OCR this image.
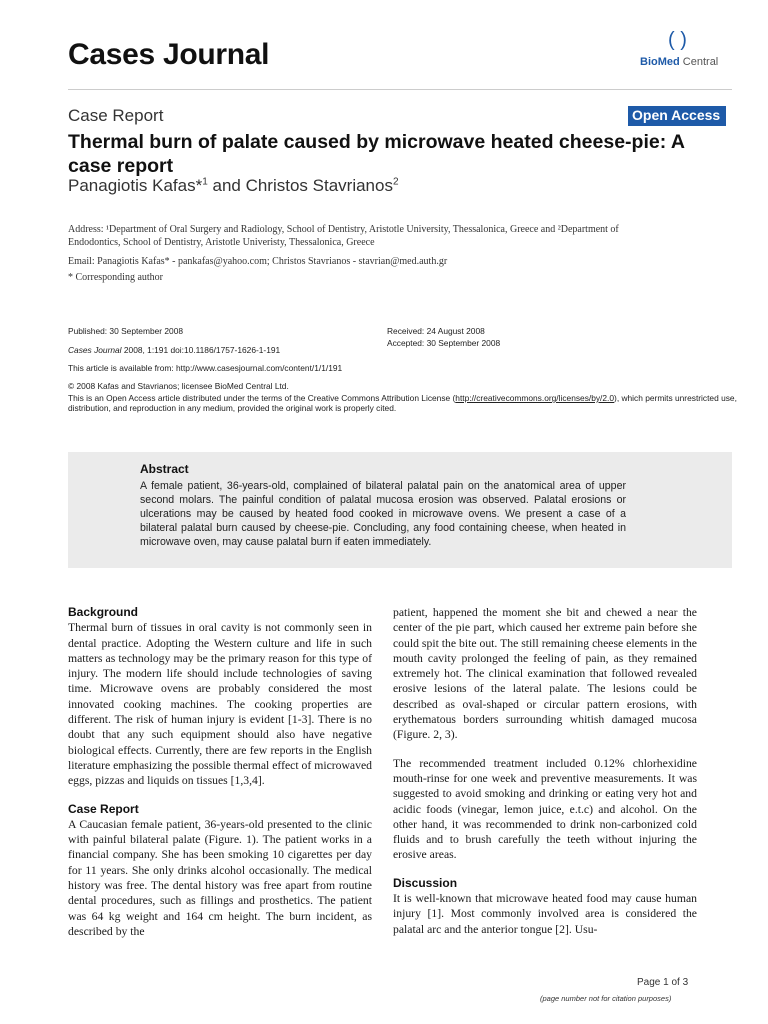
Cases Journal	( )
BioMed Central
Case Report	Open Access
Thermal burn of palate caused by microwave heated cheese-pie: A case report
Panagiotis Kafas*$^1$ and Christos Stavrianos$^2$
Address: ¹Department of Oral Surgery and Radiology, School of Dentistry, Aristotle University, Thessalonica, Greece and ²Department of Endodontics, School of Dentistry, Aristotle Univeristy, Thessalonica, Greece
Email: Panagiotis Kafas* - pankafas@yahoo.com; Christos Stavrianos - stavrian@med.auth.gr
* Corresponding author
Published: 30 September 2008
Cases Journal 2008, 1:191 doi:10.1186/1757-1626-1-191
This article is available from: http://www.casesjournal.com/content/1/1/191
Received: 24 August 2008
Accepted: 30 September 2008
© 2008 Kafas and Stavrianos; licensee BioMed Central Ltd.
This is an Open Access article distributed under the terms of the Creative Commons Attribution License (http://creativecommons.org/licenses/by/2.0), which permits unrestricted use, distribution, and reproduction in any medium, provided the original work is properly cited.
Abstract
A female patient, 36-years-old, complained of bilateral palatal pain on the anatomical area of upper second molars. The painful condition of palatal mucosa erosion was observed. Palatal erosions or ulcerations may be caused by heated food cooked in microwave ovens. We present a case of a bilateral palatal burn caused by cheese-pie. Concluding, any food containing cheese, when heated in microwave oven, may cause palatal burn if eaten immediately.
Background

Thermal burn of tissues in oral cavity is not commonly seen in dental practice. Adopting the Western culture and life in such matters as technology may be the primary reason for this type of injury. The modern life should include technologies of saving time. Microwave ovens are probably considered the most innovated cooking machines. The cooking properties are different. The risk of human injury is evident [1-3]. There is no doubt that any such equipment should also have negative biological effects. Currently, there are few reports in the English literature emphasizing the possible thermal effect of microwaved eggs, pizzas and liquids on tissues [1,3,4].

Case Report

A Caucasian female patient, 36-years-old presented to the clinic with painful bilateral palate (Figure. 1). The patient works in a financial company. She has been smoking 10 cigarettes per day for 11 years. She only drinks alcohol occasionally. The medical history was free. The dental history was free apart from routine dental procedures, such as fillings and prosthetics. The patient was 64 kg weight and 164 cm height. The burn incident, as described by the

patient, happened the moment she bit and chewed a near the center of the pie part, which caused her extreme pain before she could spit the bite out. The still remaining cheese elements in the mouth cavity prolonged the feeling of pain, as they remained extremely hot. The clinical examination that followed revealed erosive lesions of the lateral palate. The lesions could be described as oval-shaped or circular pattern erosions, with erythematous borders surrounding whitish damaged mucosa (Figure. 2, 3).

The recommended treatment included 0.12% chlorhexidine mouth-rinse for one week and preventive measurements. It was suggested to avoid smoking and drinking or eating very hot and acidic foods (vinegar, lemon juice, e.t.c) and alcohol. On the other hand, it was recommended to drink non-carbonized cold fluids and to brush carefully the teeth without injuring the erosive areas.

Discussion

It is well-known that microwave heated food may cause human injury [1]. Most commonly involved area is considered the palatal arc and the anterior tongue [2]. Usu-

Page 1 of 3
(page number not for citation purposes)
